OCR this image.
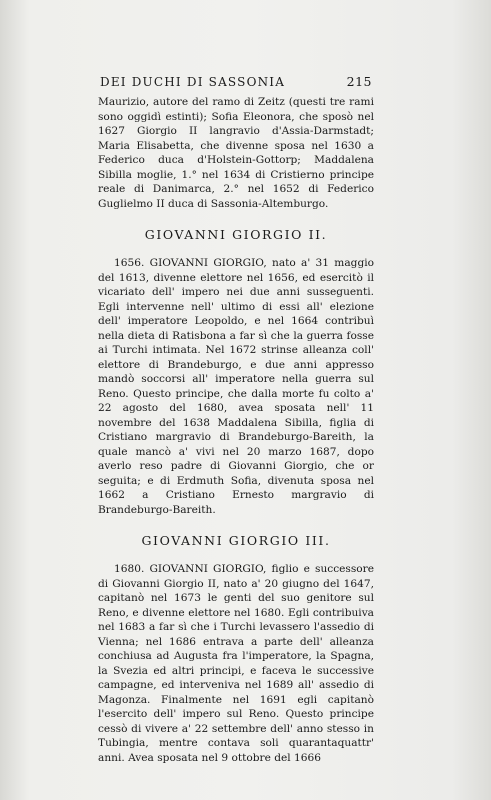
DEI DUCHI DI SASSONIA	215

Maurizio, autore del ramo di Zeitz (questi tre rami sono oggidì estinti); Sofia Eleonora, che sposò nel 1627 Giorgio II langravio d'Assia-Darmstadt; Maria Elisabetta, che divenne sposa nel 1630 a Federico duca d'Holstein-Gottorp; Maddalena Sibilla moglie, 1.° nel 1634 di Cristierno principe reale di Danimarca, 2.° nel 1652 di Federico Guglielmo II duca di Sassonia-Altemburgo.

GIOVANNI GIORGIO II.

1656. GIOVANNI GIORGIO, nato a' 31 maggio del 1613, divenne elettore nel 1656, ed esercitò il vicariato dell' impero nei due anni susseguenti. Egli intervenne nell' ultimo di essi all' elezione dell' imperatore Leopoldo, e nel 1664 contribuì nella dieta di Ratisbona a far sì che la guerra fosse ai Turchi intimata. Nel 1672 strinse alleanza coll' elettore di Brandeburgo, e due anni appresso mandò soccorsi all' imperatore nella guerra sul Reno. Questo principe, che dalla morte fu colto a' 22 agosto del 1680, avea sposata nell' 11 novembre del 1638 Maddalena Sibilla, figlia di Cristiano margravio di Brandeburgo-Bareith, la quale mancò a' vivi nel 20 marzo 1687, dopo averlo reso padre di Giovanni Giorgio, che or seguita; e di Erdmuth Sofia, divenuta sposa nel 1662 a Cristiano Ernesto margravio di Brandeburgo-Bareith.

GIOVANNI GIORGIO III.

1680. GIOVANNI GIORGIO, figlio e successore di Giovanni Giorgio II, nato a' 20 giugno del 1647, capitanò nel 1673 le genti del suo genitore sul Reno, e divenne elettore nel 1680. Egli contribuiva nel 1683 a far sì che i Turchi levassero l'assedio di Vienna; nel 1686 entrava a parte dell' alleanza conchiusa ad Augusta fra l'imperatore, la Spagna, la Svezia ed altri principi, e faceva le successive campagne, ed interveniva nel 1689 all' assedio di Magonza. Finalmente nel 1691 egli capitanò l'esercito dell' impero sul Reno. Questo principe cessò di vivere a' 22 settembre dell' anno stesso in Tubingia, mentre contava soli quarantaquattr' anni. Avea sposata nel 9 ottobre del 1666
